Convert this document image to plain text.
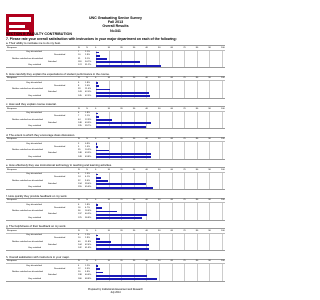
UNC Graduating Senior Survey
Fall 2013
Overall Results
N=341
SECTION II: FACULTY CONTRIBUTION
7. Please rate your overall satisfaction with instructors in your major department on each of the following:
a. Their ability to motivate me to do my best.
Response	N	%	0	10	20	30	40	50	60	70	80	90	100
Very dissatisfied	7	2.1%
Dissatisfied	10 2.9%
Neither satisfied nor dissatisfied	31 9.1%
Satisfied	118 34.7%
Very satisfied	174 51.2%
b. How carefully they explain the expectations of student performance in the course.
Response	N	%	0	10	20	30	40	50	60	70	80	90	100
Very dissatisfied	6	1.8%
Dissatisfied	8	2.4%
Neither satisfied nor dissatisfied	39 11.4%
Satisfied	143 42.0%
Very satisfied	145 42.5%
c. How well they explain course material.
Response	N	%	0	10	20	30	40	50	60	70	80	90	100
Very dissatisfied	6	1.8%
Dissatisfied	7	2.1%
Neither satisfied nor dissatisfied	44 12.9%
Satisfied	148 43.5%
Very satisfied	135 39.7%
d. The extent to which they encourage class discussion.
Response	N	%	0	10	20	30	40	50	60	70	80	90	100
Very dissatisfied	3	0.9%
Dissatisfied	5	1.5%
Neither satisfied nor dissatisfied	35 10.3%
Satisfied	148 43.5%
Very satisfied	149 43.8%
e. How effectively they use instructional technology in teaching and learning activities.
Response	N	%	0	10	20	30	40	50	60	70	80	90	100
Very dissatisfied	5	1.5%
Dissatisfied	14 4.1%
Neither satisfied nor dissatisfied	32 9.4%
Satisfied	134 39.4%
Very satisfied	155 45.6%
f. How quickly they provide feedback on my work.
Response	N	%	0	10	20	30	40	50	60	70	80	90	100
Very dissatisfied	6	1.8%
Dissatisfied	16 4.7%
Neither satisfied nor dissatisfied	56 16.4%
Satisfied	137 40.3%
Very satisfied	125 36.8%
g. The helpfulness of their feedback on my work.
Response	N	%	0	10	20	30	40	50	60	70	80	90	100
Very dissatisfied	4	1.2%
Dissatisfied	10 2.9%
Neither satisfied nor dissatisfied	40 11.8%
Satisfied	144 42.4%
Very satisfied	142 41.8%
h. Overall satisfaction with instructors in your major.
Response	N	%	0	10	20	30	40	50	60	70	80	90	100
Very dissatisfied	4	1.2%
Dissatisfied	12 3.5%
Neither satisfied nor dissatisfied	20 5.9%
Satisfied	138 40.6%
Very satisfied	166 48.8%
Prepared by Institutional Assessment and Research
July 2014
